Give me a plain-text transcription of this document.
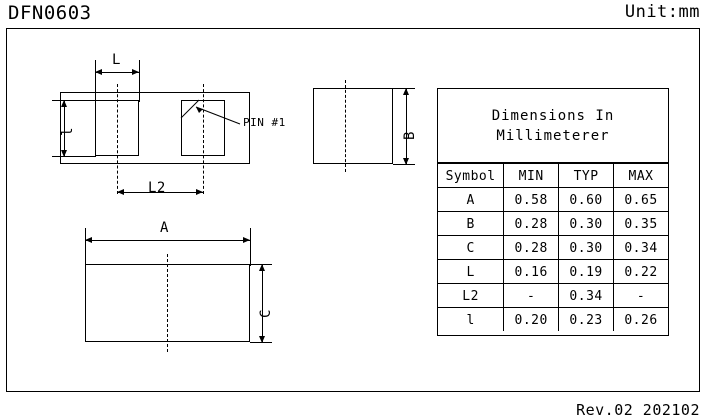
DFN0603	Unit:mm
l
L
L2
PIN #1
B
A
C
Dimensions In
Millimeterer
Symbol	MIN	TYP	MAX
A	0.58	0.60	0.65
B	0.28	0.30	0.35
C	0.28	0.30	0.34
L	0.16	0.19	0.22
L2	-	0.34	-
l	0.20	0.23	0.26
Rev.02 202102
